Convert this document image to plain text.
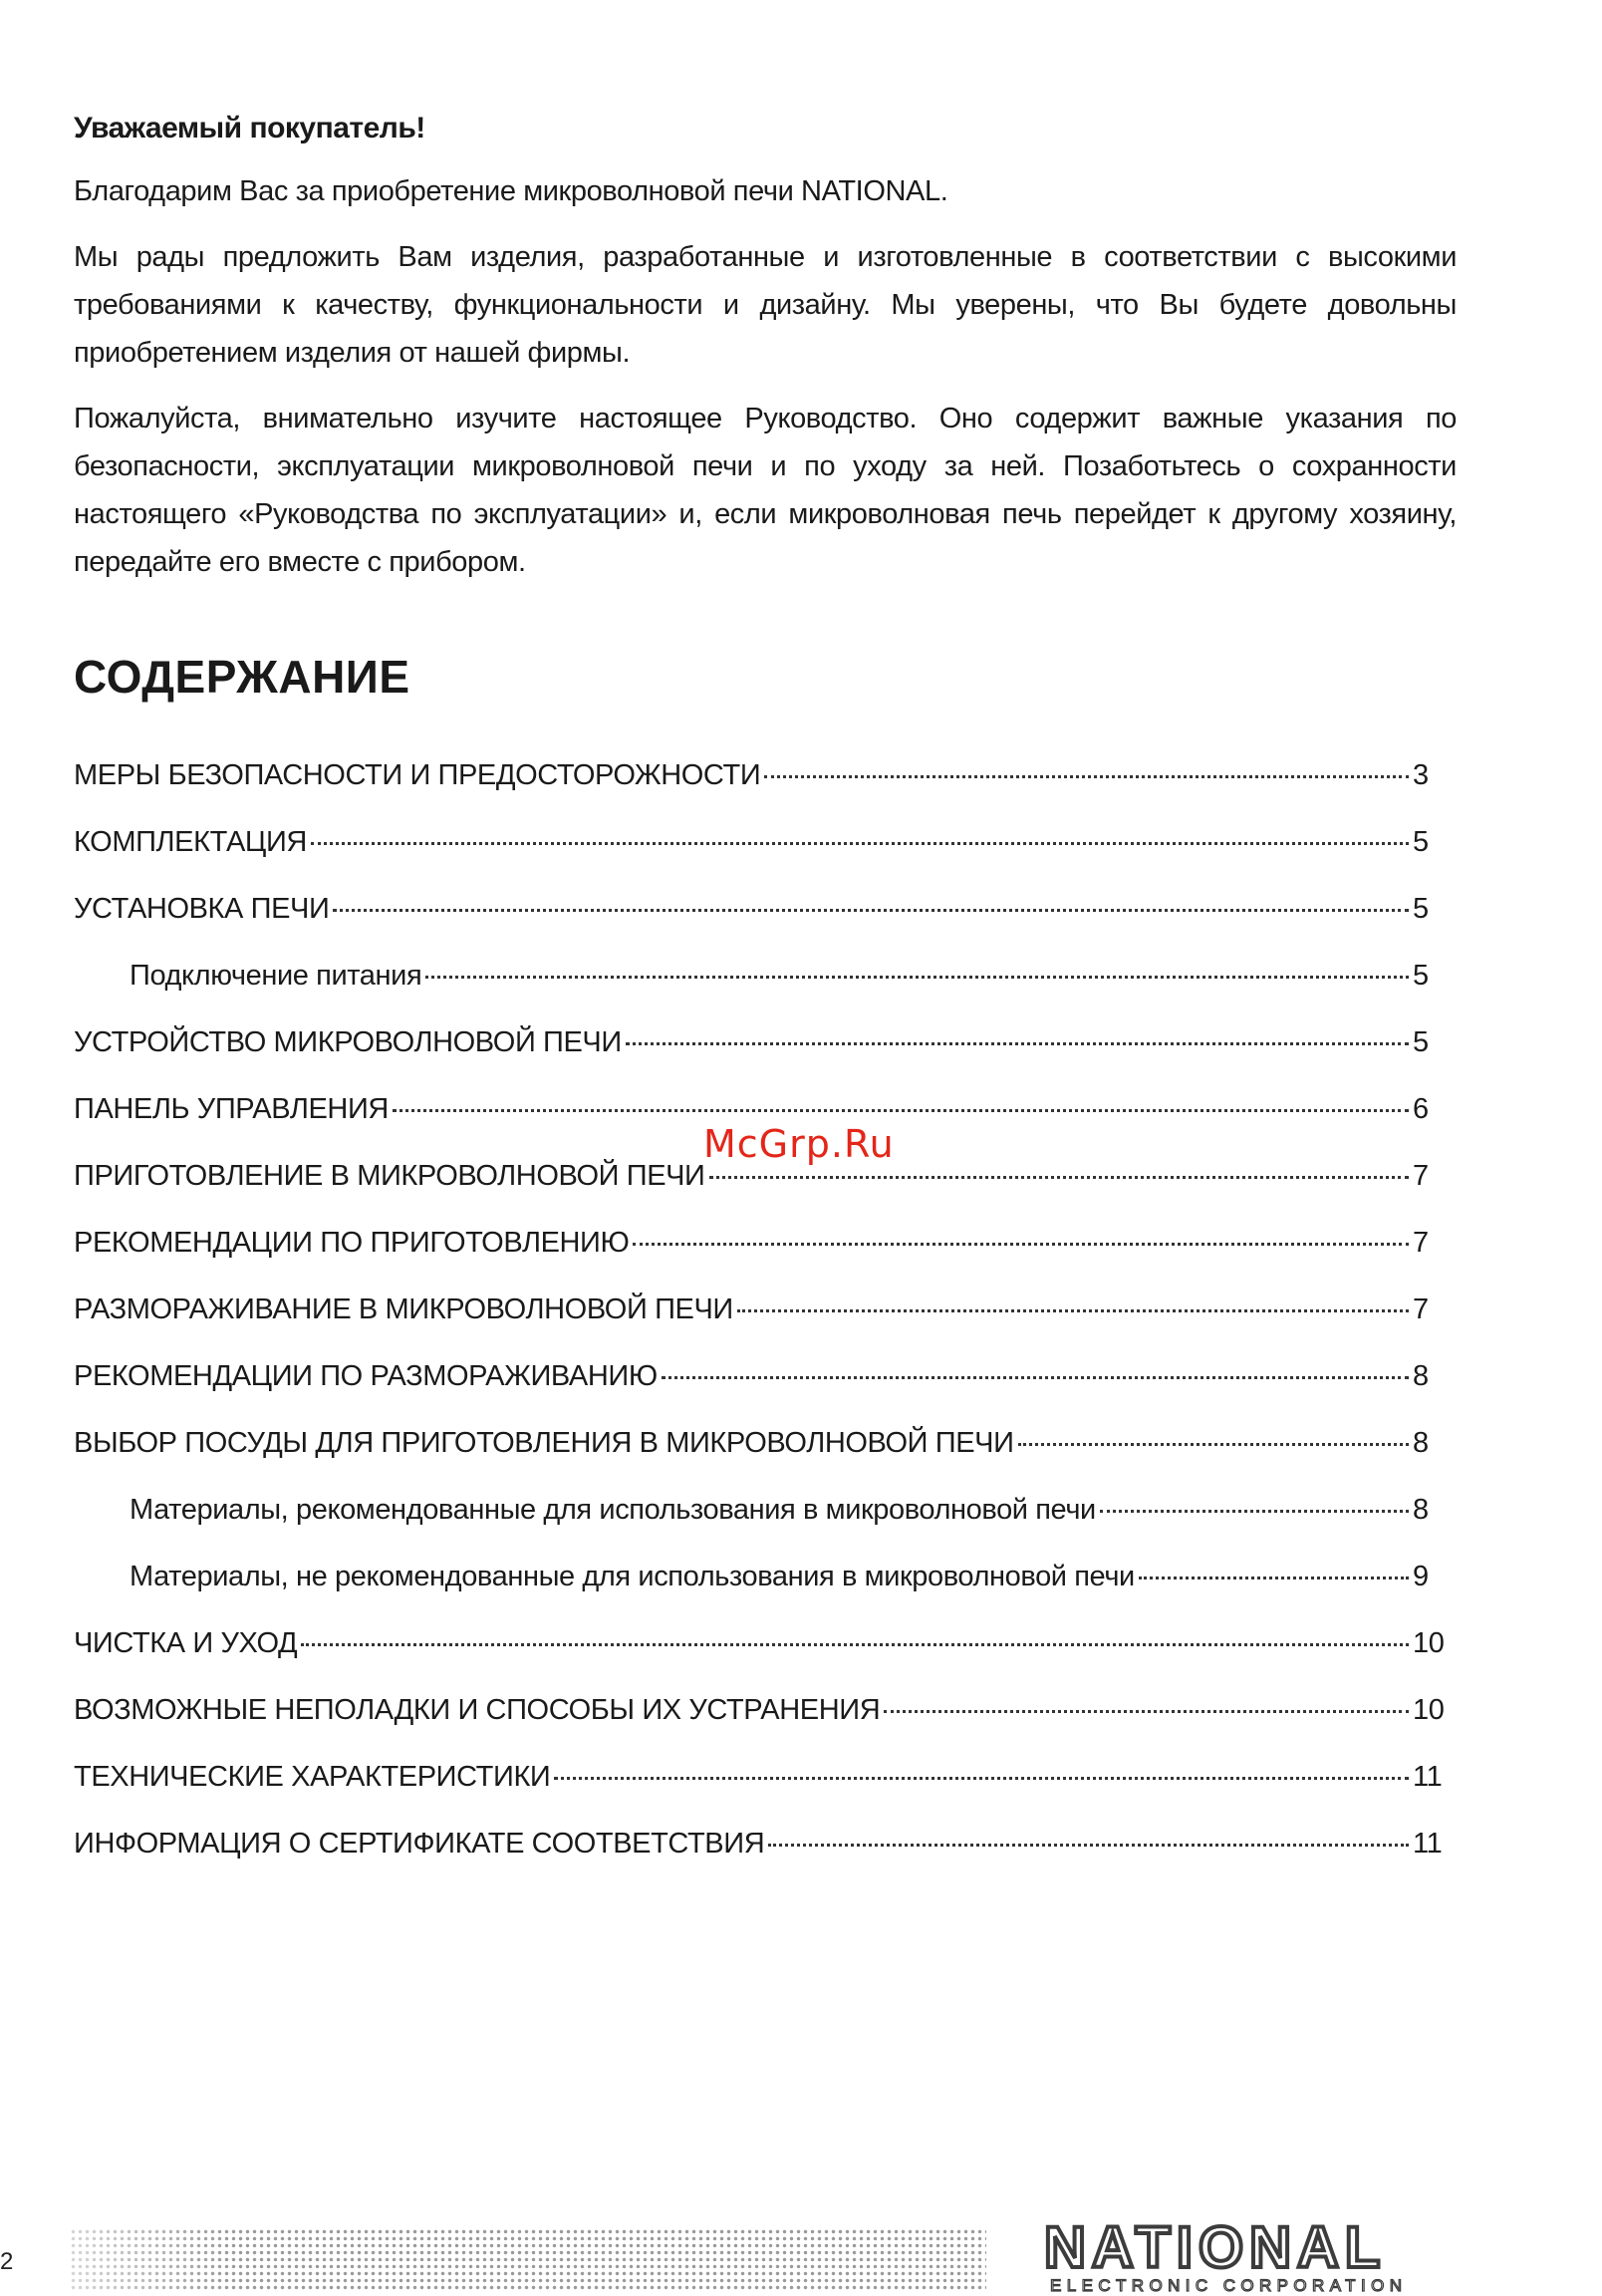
Уважаемый покупатель!

Благодарим Вас за приобретение микроволновой печи NATIONAL.

Мы рады предложить Вам изделия, разработанные и изготовленные в соответствии с высокими требованиями к качеству, функциональности и дизайну. Мы уверены, что Вы будете довольны приобретением изделия от нашей фирмы.

Пожалуйста, внимательно изучите настоящее Руководство. Оно содержит важные указания по безопасности, эксплуатации микроволновой печи и по уходу за ней. Позаботьтесь о сохранности настоящего «Руководства по эксплуатации» и, если микроволновая печь перейдет к другому хозяину, передайте его вместе с прибором.

СОДЕРЖАНИЕ
МЕРЫ БЕЗОПАСНОСТИ И ПРЕДОСТОРОЖНОСТИ	3
КОМПЛЕКТАЦИЯ	5
УСТАНОВКА ПЕЧИ	5
Подключение питания	5
УСТРОЙСТВО МИКРОВОЛНОВОЙ ПЕЧИ	5
ПАНЕЛЬ УПРАВЛЕНИЯ	6
ПРИГОТОВЛЕНИЕ В МИКРОВОЛНОВОЙ ПЕЧИ	7
РЕКОМЕНДАЦИИ ПО ПРИГОТОВЛЕНИЮ	7
РАЗМОРАЖИВАНИЕ В МИКРОВОЛНОВОЙ ПЕЧИ	7
РЕКОМЕНДАЦИИ ПО РАЗМОРАЖИВАНИЮ	8
ВЫБОР ПОСУДЫ ДЛЯ ПРИГОТОВЛЕНИЯ В МИКРОВОЛНОВОЙ ПЕЧИ	8
Материалы, рекомендованные для использования в микроволновой печи	8
Материалы, не рекомендованные для использования в микроволновой печи	9
ЧИСТКА И УХОД	10
ВОЗМОЖНЫЕ НЕПОЛАДКИ И СПОСОБЫ ИХ УСТРАНЕНИЯ	10
ТЕХНИЧЕСКИЕ ХАРАКТЕРИСТИКИ	11
ИНФОРМАЦИЯ О СЕРТИФИКАТЕ СООТВЕТСТВИЯ	11
McGrp.Ru
2	NATIONAL
ELECTRONIC CORPORATION
